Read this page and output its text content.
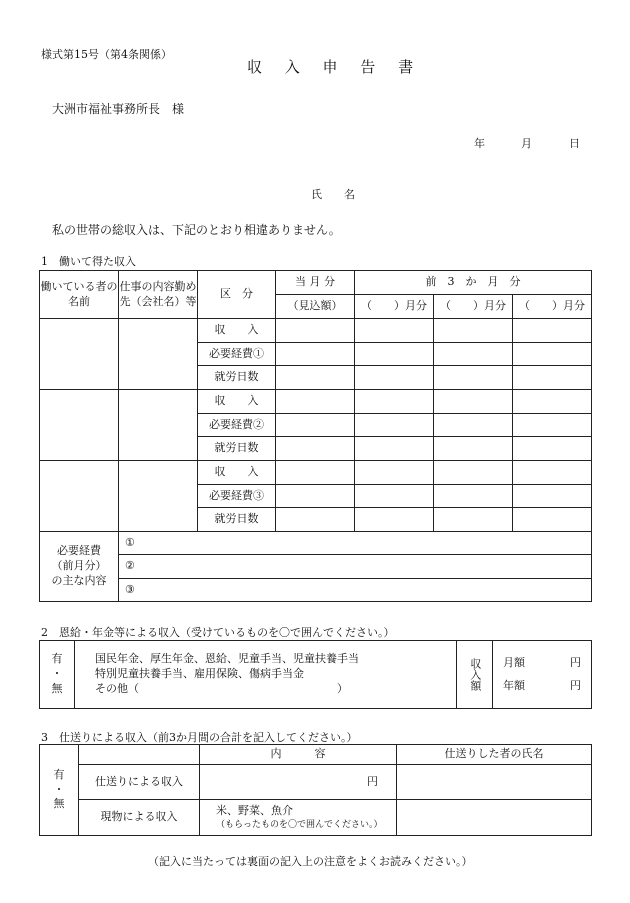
様式第15号（第4条関係）
収 入 申 告 書
大洲市福祉事務所長　様
年	月	日
氏　　名
私の世帯の総収入は、下記のとおり相違ありません。
1　働いて得た収入
働いている者の名前	仕事の内容勤め先（会社名）等	区　分	当 月 分	前　3　か　月　分		
			（見込額）	（　　）月分	（　　）月分	（　　）月分
		収　　入				
		必要経費①				
		就労日数				
		収　　入				
		必要経費②				
		就労日数				
		収　　入				
		必要経費③				
		就労日数				
必要経費（前月分）の主な内容	①					
	②					
	③					
2　恩給・年金等による収入（受けているものを〇で囲んでください。）
有
・
無

国民年金、厚生年金、恩給、児童手当、児童扶養手当
特別児童扶養手当、雇用保険、傷病手当金
その他（　　　　　　　　　　　　　　　　　　）	収入額	月額	円
年額	円
3　仕送りによる収入（前3か月間の合計を記入してください。）
有
・
無		内　　　容	仕送りした者の氏名
	仕送りによる収入	円	
	現物による収入	米、野菜、魚介
（もらったものを〇で囲んでください。）	

（記入に当たっては裏面の記入上の注意をよくお読みください。）
